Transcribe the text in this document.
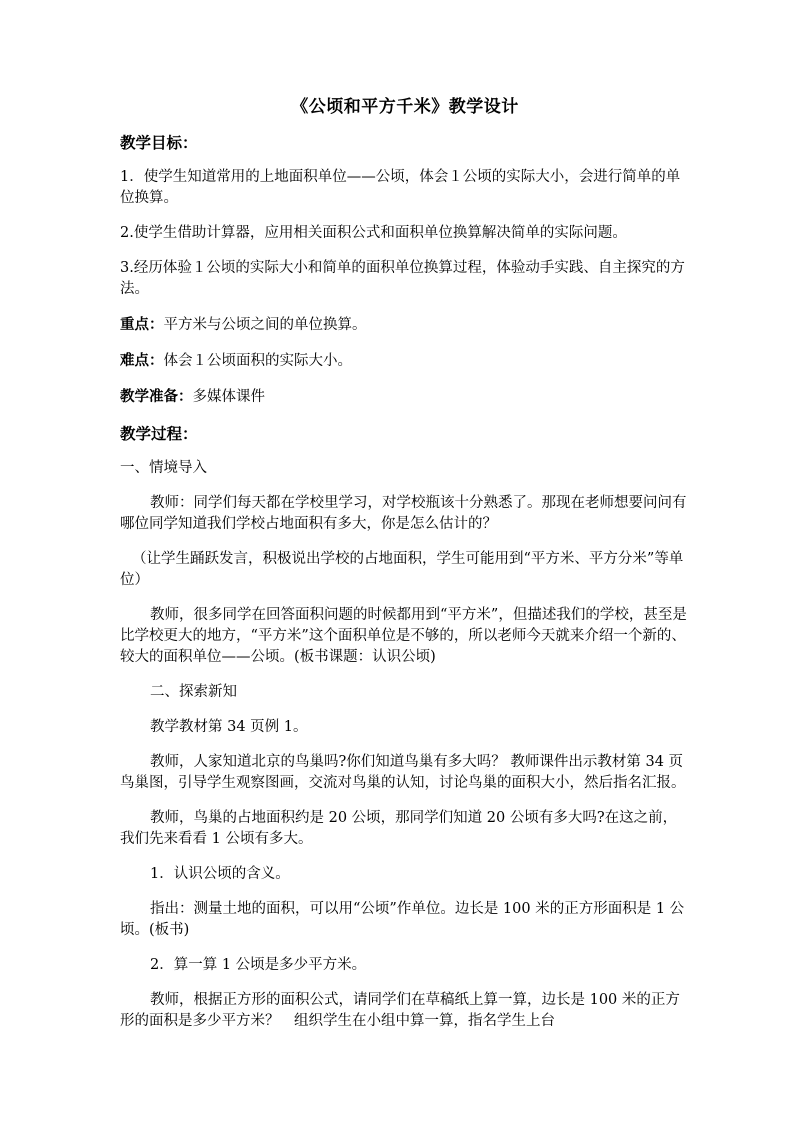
《公顷和平方千米》教学设计
教学目标：

1．使学生知道常用的上地面积单位——公顷，体会１公顷的实际大小，会进行简单的单位换算。

2.使学生借助计算器，应用相关面积公式和面积单位换算解决简单的实际问题。

3.经历体验１公顷的实际大小和简单的面积单位换算过程，体验动手实践、自主探究的方法。

重点：平方米与公顷之间的单位换算。

难点：体会１公顷面积的实际大小。

教学准备：多媒体课件

教学过程：

一、情境导入

教师：同学们每天都在学校里学习，对学校瓶该十分熟悉了。那现在老师想要问问有哪位同学知道我们学校占地面积有多大，你是怎么估计的？

（让学生踊跃发言，积极说出学校的占地面积，学生可能用到“平方米、平方分米”等单位）

教师，很多同学在回答面积问题的时候都用到“平方米”，但描述我们的学校，甚至是比学校更大的地方，“平方米”这个面积单位是不够的，所以老师今天就来介绍一个新的、较大的面积单位——公顷。(板书课题：认识公顷)

二、探索新知

教学教材第 34 页例 1。

教师，人家知道北京的鸟巢吗?你们知道鸟巢有多大吗？ 教师课件出示教材第 34 页鸟巢图，引导学生观察图画，交流对鸟巢的认知，讨论鸟巢的面积大小，然后指名汇报。

教师，鸟巢的占地面积约是 20 公顷，那同学们知道 20 公顷有多大吗?在这之前，我们先来看看 1 公顷有多大。

1．认识公顷的含义。

指出：测量土地的面积，可以用“公顷”作单位。边长是 100 米的正方形面积是 1 公顷。(板书)

2．算一算 1 公顷是多少平方米。

教师，根据正方形的面积公式，请同学们在草稿纸上算一算，边长是 100 米的正方形的面积是多少平方米？　组织学生在小组中算一算，指名学生上台
